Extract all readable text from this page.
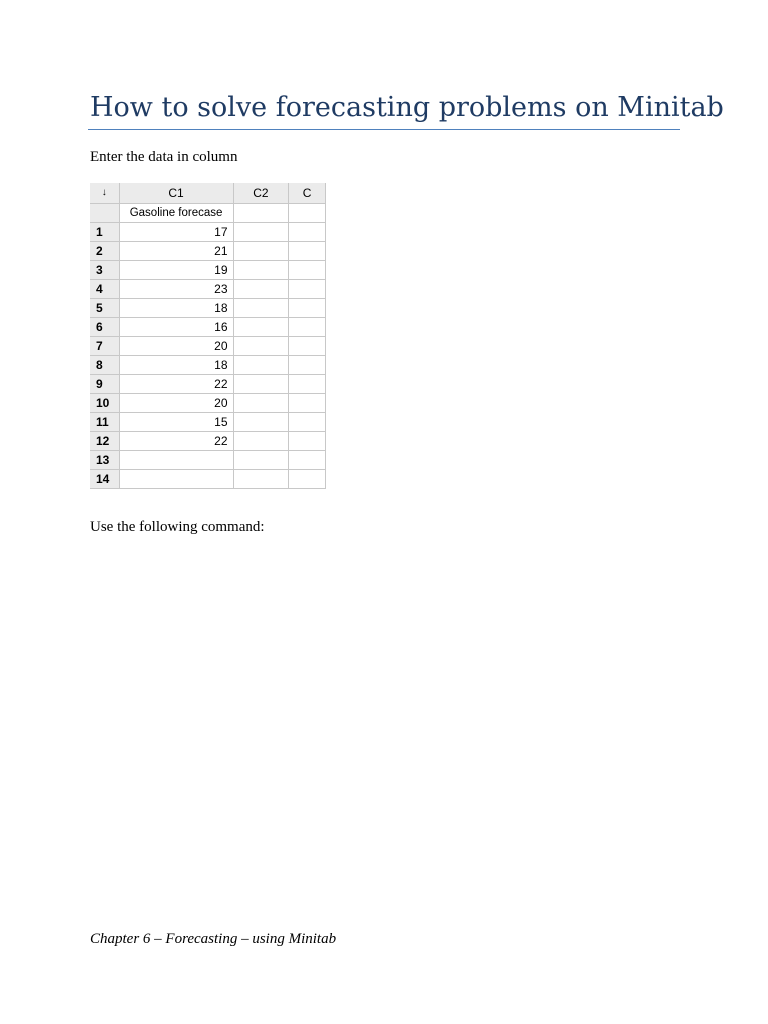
How to solve forecasting problems on Minitab
Enter the data in column
↓	C1	C2	C
	Gasoline forecase		
1	17		
2	21		
3	19		
4	23		
5	18		
6	16		
7	20		
8	18		
9	22		
10	20		
11	15		
12	22		
13			
14			
Use the following command:
Chapter 6 – Forecasting – using Minitab
